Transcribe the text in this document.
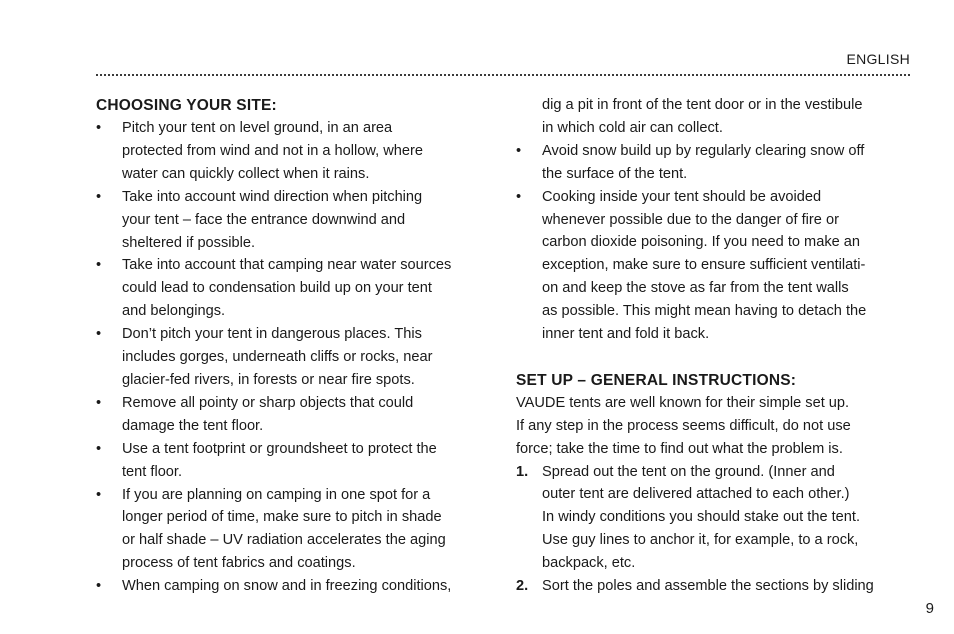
ENGLISH
CHOOSING YOUR SITE:
•	Pitch your tent on level ground, in an area
protected from wind and not in a hollow, where
water can quickly collect when it rains.
•	Take into account wind direction when pitching
your tent – face the entrance downwind and
sheltered if possible.
•	Take into account that camping near water sources
could lead to condensation build up on your tent
and belongings.
•	Don’t pitch your tent in dangerous places. This
includes gorges, underneath cliffs or rocks, near
glacier-fed rivers, in forests or near fire spots.
•	Remove all pointy or sharp objects that could
damage the tent floor.
•	Use a tent footprint or groundsheet to protect the
tent floor.
•	If you are planning on camping in one spot for a
longer period of time, make sure to pitch in shade
or half shade – UV radiation accelerates the aging
process of tent fabrics and coatings.
•	When camping on snow and in freezing conditions,
dig a pit in front of the tent door or in the vestibule
in which cold air can collect.
•	Avoid snow build up by regularly clearing snow off
the surface of the tent.
•	Cooking inside your tent should be avoided
whenever possible due to the danger of fire or
carbon dioxide poisoning. If you need to make an
exception, make sure to ensure sufficient ventilati-
on and keep the stove as far from the tent walls
as possible. This might mean having to detach the
inner tent and fold it back.
SET UP – GENERAL INSTRUCTIONS:
VAUDE tents are well known for their simple set up.
If any step in the process seems difficult, do not use
force; take the time to find out what the problem is.
1. Spread out the tent on the ground. (Inner and
outer tent are delivered attached to each other.)
In windy conditions you should stake out the tent.
Use guy lines to anchor it, for example, to a rock,
backpack, etc.
2. Sort the poles and assemble the sections by sliding
9
